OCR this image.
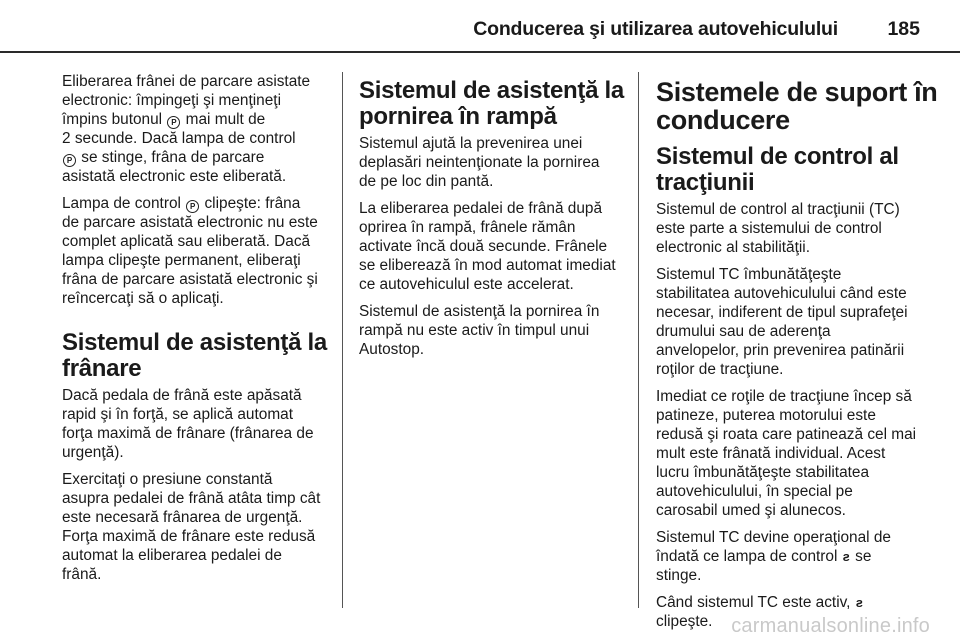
Conducerea şi utilizarea autovehiculului	185

Eliberarea frânei de parcare asistate
electronic: împingeţi şi menţineţi
împins butonul P mai mult de
2 secunde. Dacă lampa de control
P se stinge, frâna de parcare
asistată electronic este eliberată.

Lampa de control P clipeşte: frâna
de parcare asistată electronic nu este
complet aplicată sau eliberată. Dacă
lampa clipeşte permanent, eliberaţi
frâna de parcare asistată electronic şi
reîncercaţi să o aplicaţi.

Sistemul de asistenţă la
frânare

Dacă pedala de frână este apăsată
rapid şi în forţă, se aplică automat
forţa maximă de frânare (frânarea de
urgenţă).

Exercitaţi o presiune constantă
asupra pedalei de frână atâta timp cât
este necesară frânarea de urgenţă.
Forţa maximă de frânare este redusă
automat la eliberarea pedalei de
frână.

Sistemul de asistenţă la
pornirea în rampă

Sistemul ajută la prevenirea unei
deplasări neintenţionate la pornirea
de pe loc din pantă.

La eliberarea pedalei de frână după
oprirea în rampă, frânele rămân
activate încă două secunde. Frânele
se eliberează în mod automat imediat
ce autovehiculul este accelerat.

Sistemul de asistenţă la pornirea în
rampă nu este activ în timpul unui
Autostop.

Sistemele de suport în
conducere
Sistemul de control al
tracţiunii

Sistemul de control al tracţiunii (TC)
este parte a sistemului de control
electronic al stabilităţii.

Sistemul TC îmbunătăţeşte
stabilitatea autovehiculului când este
necesar, indiferent de tipul suprafeţei
drumului sau de aderenţa
anvelopelor, prin prevenirea patinării
roţilor de tracţiune.

Imediat ce roţile de tracţiune încep să
patineze, puterea motorului este
redusă şi roata care patinează cel mai
mult este frânată individual. Acest
lucru îmbunătăţeşte stabilitatea
autovehiculului, în special pe
carosabil umed şi alunecos.

Sistemul TC devine operaţional de
îndată ce lampa de control ƨ se
stinge.

Când sistemul TC este activ, ƨ
clipeşte. carmanualsonline.info
